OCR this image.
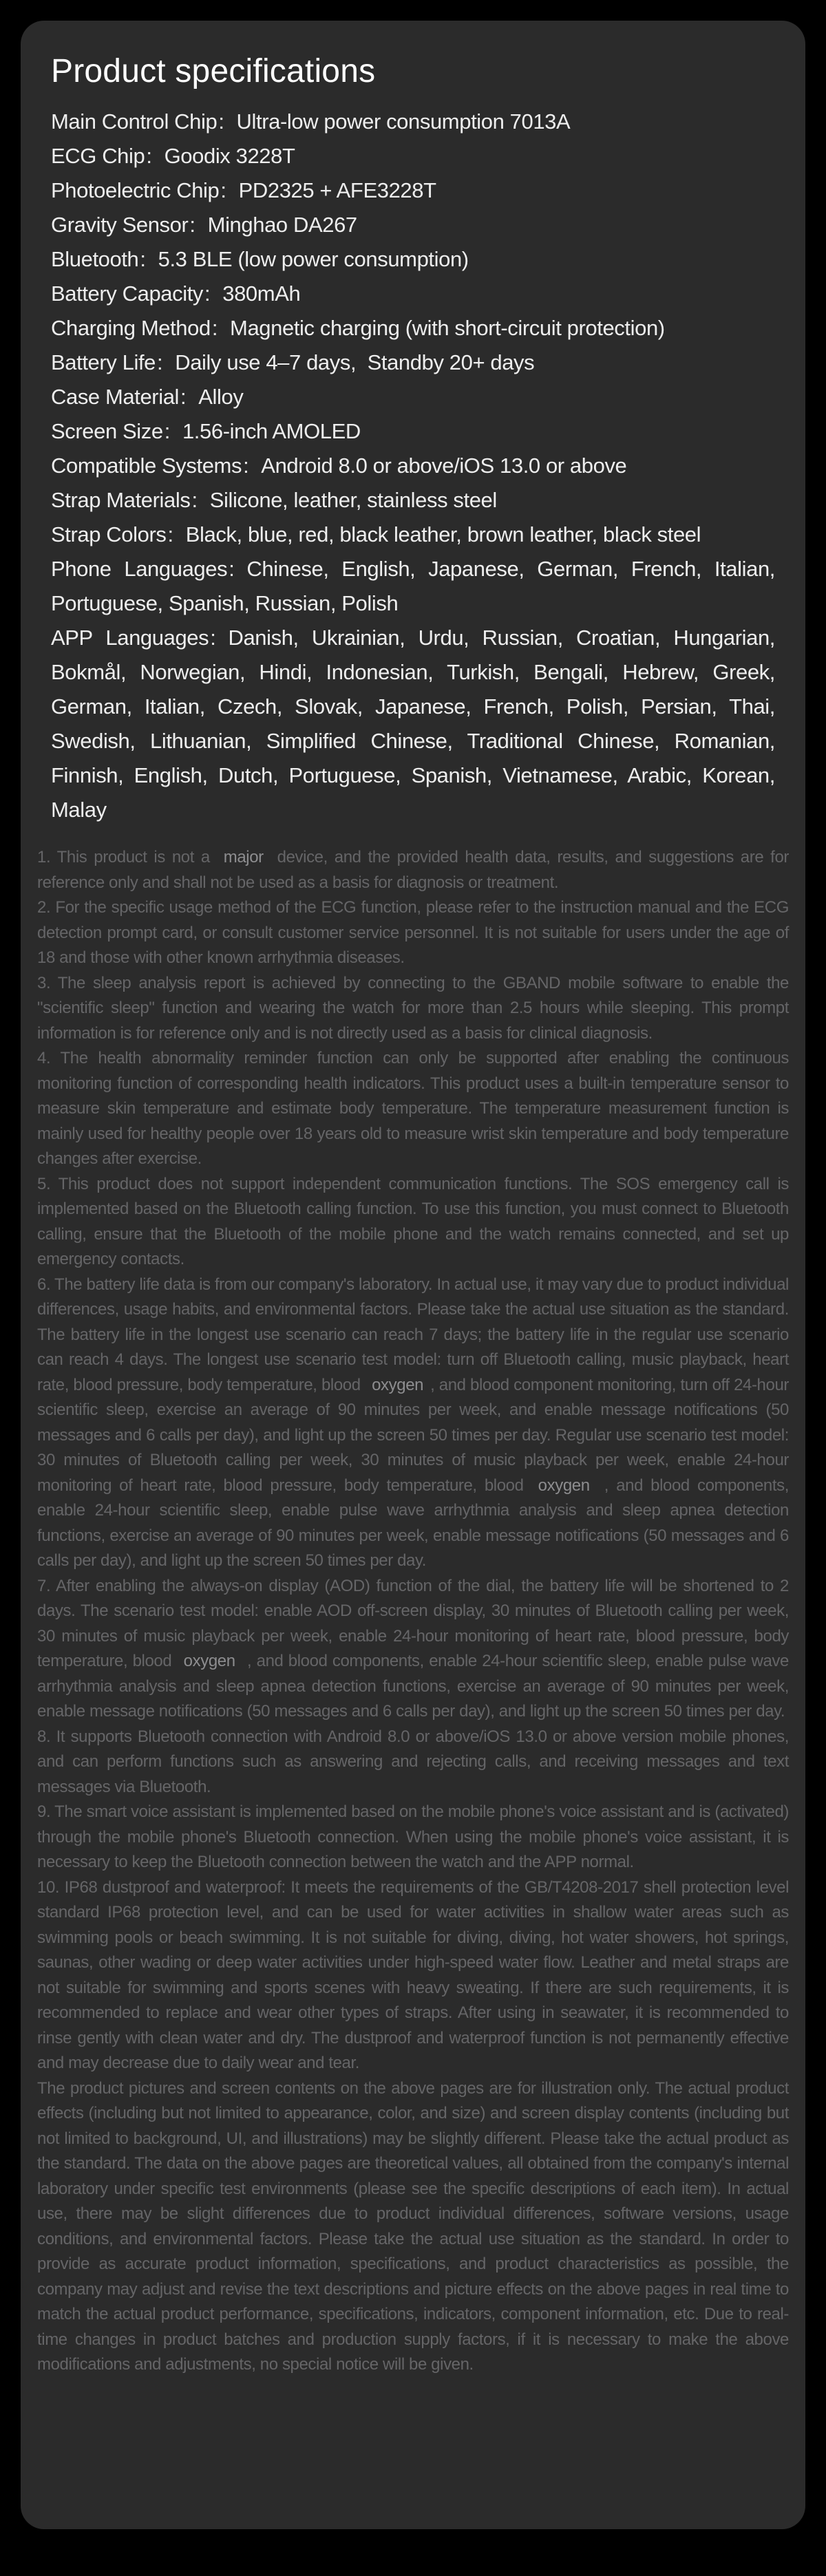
Product specifications
Main Control Chip: Ultra-low power consumption 7013A
ECG Chip: Goodix 3228T
Photoelectric Chip: PD2325 + AFE3228T
Gravity Sensor: Minghao DA267
Bluetooth: 5.3 BLE (low power consumption)
Battery Capacity: 380mAh
Charging Method: Magnetic charging (with short-circuit protection)
Battery Life: Daily use 4–7 days,  Standby 20+ days
Case Material: Alloy
Screen Size: 1.56-inch AMOLED
Compatible Systems: Android 8.0 or above/iOS 13.0 or above
Strap Materials: Silicone, leather, stainless steel
Strap Colors: Black, blue, red, black leather, brown leather, black steel
Phone Languages: Chinese, English, Japanese, German, French, Italian, Portuguese, Spanish, Russian, Polish
APP Languages: Danish, Ukrainian, Urdu, Russian, Croatian, Hungarian, Bokmål, Norwegian, Hindi, Indonesian, Turkish, Bengali, Hebrew, Greek, German, Italian, Czech, Slovak, Japanese, French, Polish, Persian, Thai, Swedish, Lithuanian, Simplified Chinese, Traditional Chinese, Romanian, Finnish, English, Dutch, Portuguese, Spanish, Vietnamese, Arabic, Korean, Malay

1. This product is not a major device, and the provided health data, results, and suggestions are for reference only and shall not be used as a basis for diagnosis or treatment.

2. For the specific usage method of the ECG function, please refer to the instruction manual and the ECG detection prompt card, or consult customer service personnel. It is not suitable for users under the age of 18 and those with other known arrhythmia diseases.

3. The sleep analysis report is achieved by connecting to the GBAND mobile software to enable the "scientific sleep" function and wearing the watch for more than 2.5 hours while sleeping. This prompt information is for reference only and is not directly used as a basis for clinical diagnosis.

4. The health abnormality reminder function can only be supported after enabling the continuous monitoring function of corresponding health indicators. This product uses a built-in temperature sensor to measure skin temperature and estimate body temperature. The temperature measurement function is mainly used for healthy people over 18 years old to measure wrist skin temperature and body temperature changes after exercise.

5. This product does not support independent communication functions. The SOS emergency call is implemented based on the Bluetooth calling function. To use this function, you must connect to Bluetooth calling, ensure that the Bluetooth of the mobile phone and the watch remains connected, and set up emergency contacts.

6. The battery life data is from our company's laboratory. In actual use, it may vary due to product individual differences, usage habits, and environmental factors. Please take the actual use situation as the standard. The battery life in the longest use scenario can reach 7 days; the battery life in the regular use scenario can reach 4 days. The longest use scenario test model: turn off Bluetooth calling, music playback, heart rate, blood pressure, body temperature, blood oxygen , and blood component monitoring, turn off 24-hour scientific sleep, exercise an average of 90 minutes per week, and enable message notifications (50 messages and 6 calls per day), and light up the screen 50 times per day. Regular use scenario test model: 30 minutes of Bluetooth calling per week, 30 minutes of music playback per week, enable 24-hour monitoring of heart rate, blood pressure, body temperature, blood oxygen , and blood components, enable 24-hour scientific sleep, enable pulse wave arrhythmia analysis and sleep apnea detection functions, exercise an average of 90 minutes per week, enable message notifications (50 messages and 6 calls per day), and light up the screen 50 times per day.

7. After enabling the always-on display (AOD) function of the dial, the battery life will be shortened to 2 days. The scenario test model: enable AOD off-screen display, 30 minutes of Bluetooth calling per week, 30 minutes of music playback per week, enable 24-hour monitoring of heart rate, blood pressure, body temperature, blood oxygen , and blood components, enable 24-hour scientific sleep, enable pulse wave arrhythmia analysis and sleep apnea detection functions, exercise an average of 90 minutes per week, enable message notifications (50 messages and 6 calls per day), and light up the screen 50 times per day.

8. It supports Bluetooth connection with Android 8.0 or above/iOS 13.0 or above version mobile phones, and can perform functions such as answering and rejecting calls, and receiving messages and text messages via Bluetooth.

9. The smart voice assistant is implemented based on the mobile phone's voice assistant and is (activated) through the mobile phone's Bluetooth connection. When using the mobile phone's voice assistant, it is necessary to keep the Bluetooth connection between the watch and the APP normal.

10. IP68 dustproof and waterproof: It meets the requirements of the GB/T4208-2017 shell protection level standard IP68 protection level, and can be used for water activities in shallow water areas such as swimming pools or beach swimming. It is not suitable for diving, diving, hot water showers, hot springs, saunas, other wading or deep water activities under high-speed water flow. Leather and metal straps are not suitable for swimming and sports scenes with heavy sweating. If there are such requirements, it is recommended to replace and wear other types of straps. After using in seawater, it is recommended to rinse gently with clean water and dry. The dustproof and waterproof function is not permanently effective and may decrease due to daily wear and tear.

The product pictures and screen contents on the above pages are for illustration only. The actual product effects (including but not limited to appearance, color, and size) and screen display contents (including but not limited to background, UI, and illustrations) may be slightly different. Please take the actual product as the standard. The data on the above pages are theoretical values, all obtained from the company's internal laboratory under specific test environments (please see the specific descriptions of each item). In actual use, there may be slight differences due to product individual differences, software versions, usage conditions, and environmental factors. Please take the actual use situation as the standard. In order to provide as accurate product information, specifications, and product characteristics as possible, the company may adjust and revise the text descriptions and picture effects on the above pages in real time to match the actual product performance, specifications, indicators, component information, etc. Due to real-time changes in product batches and production supply factors, if it is necessary to make the above modifications and adjustments, no special notice will be given.
